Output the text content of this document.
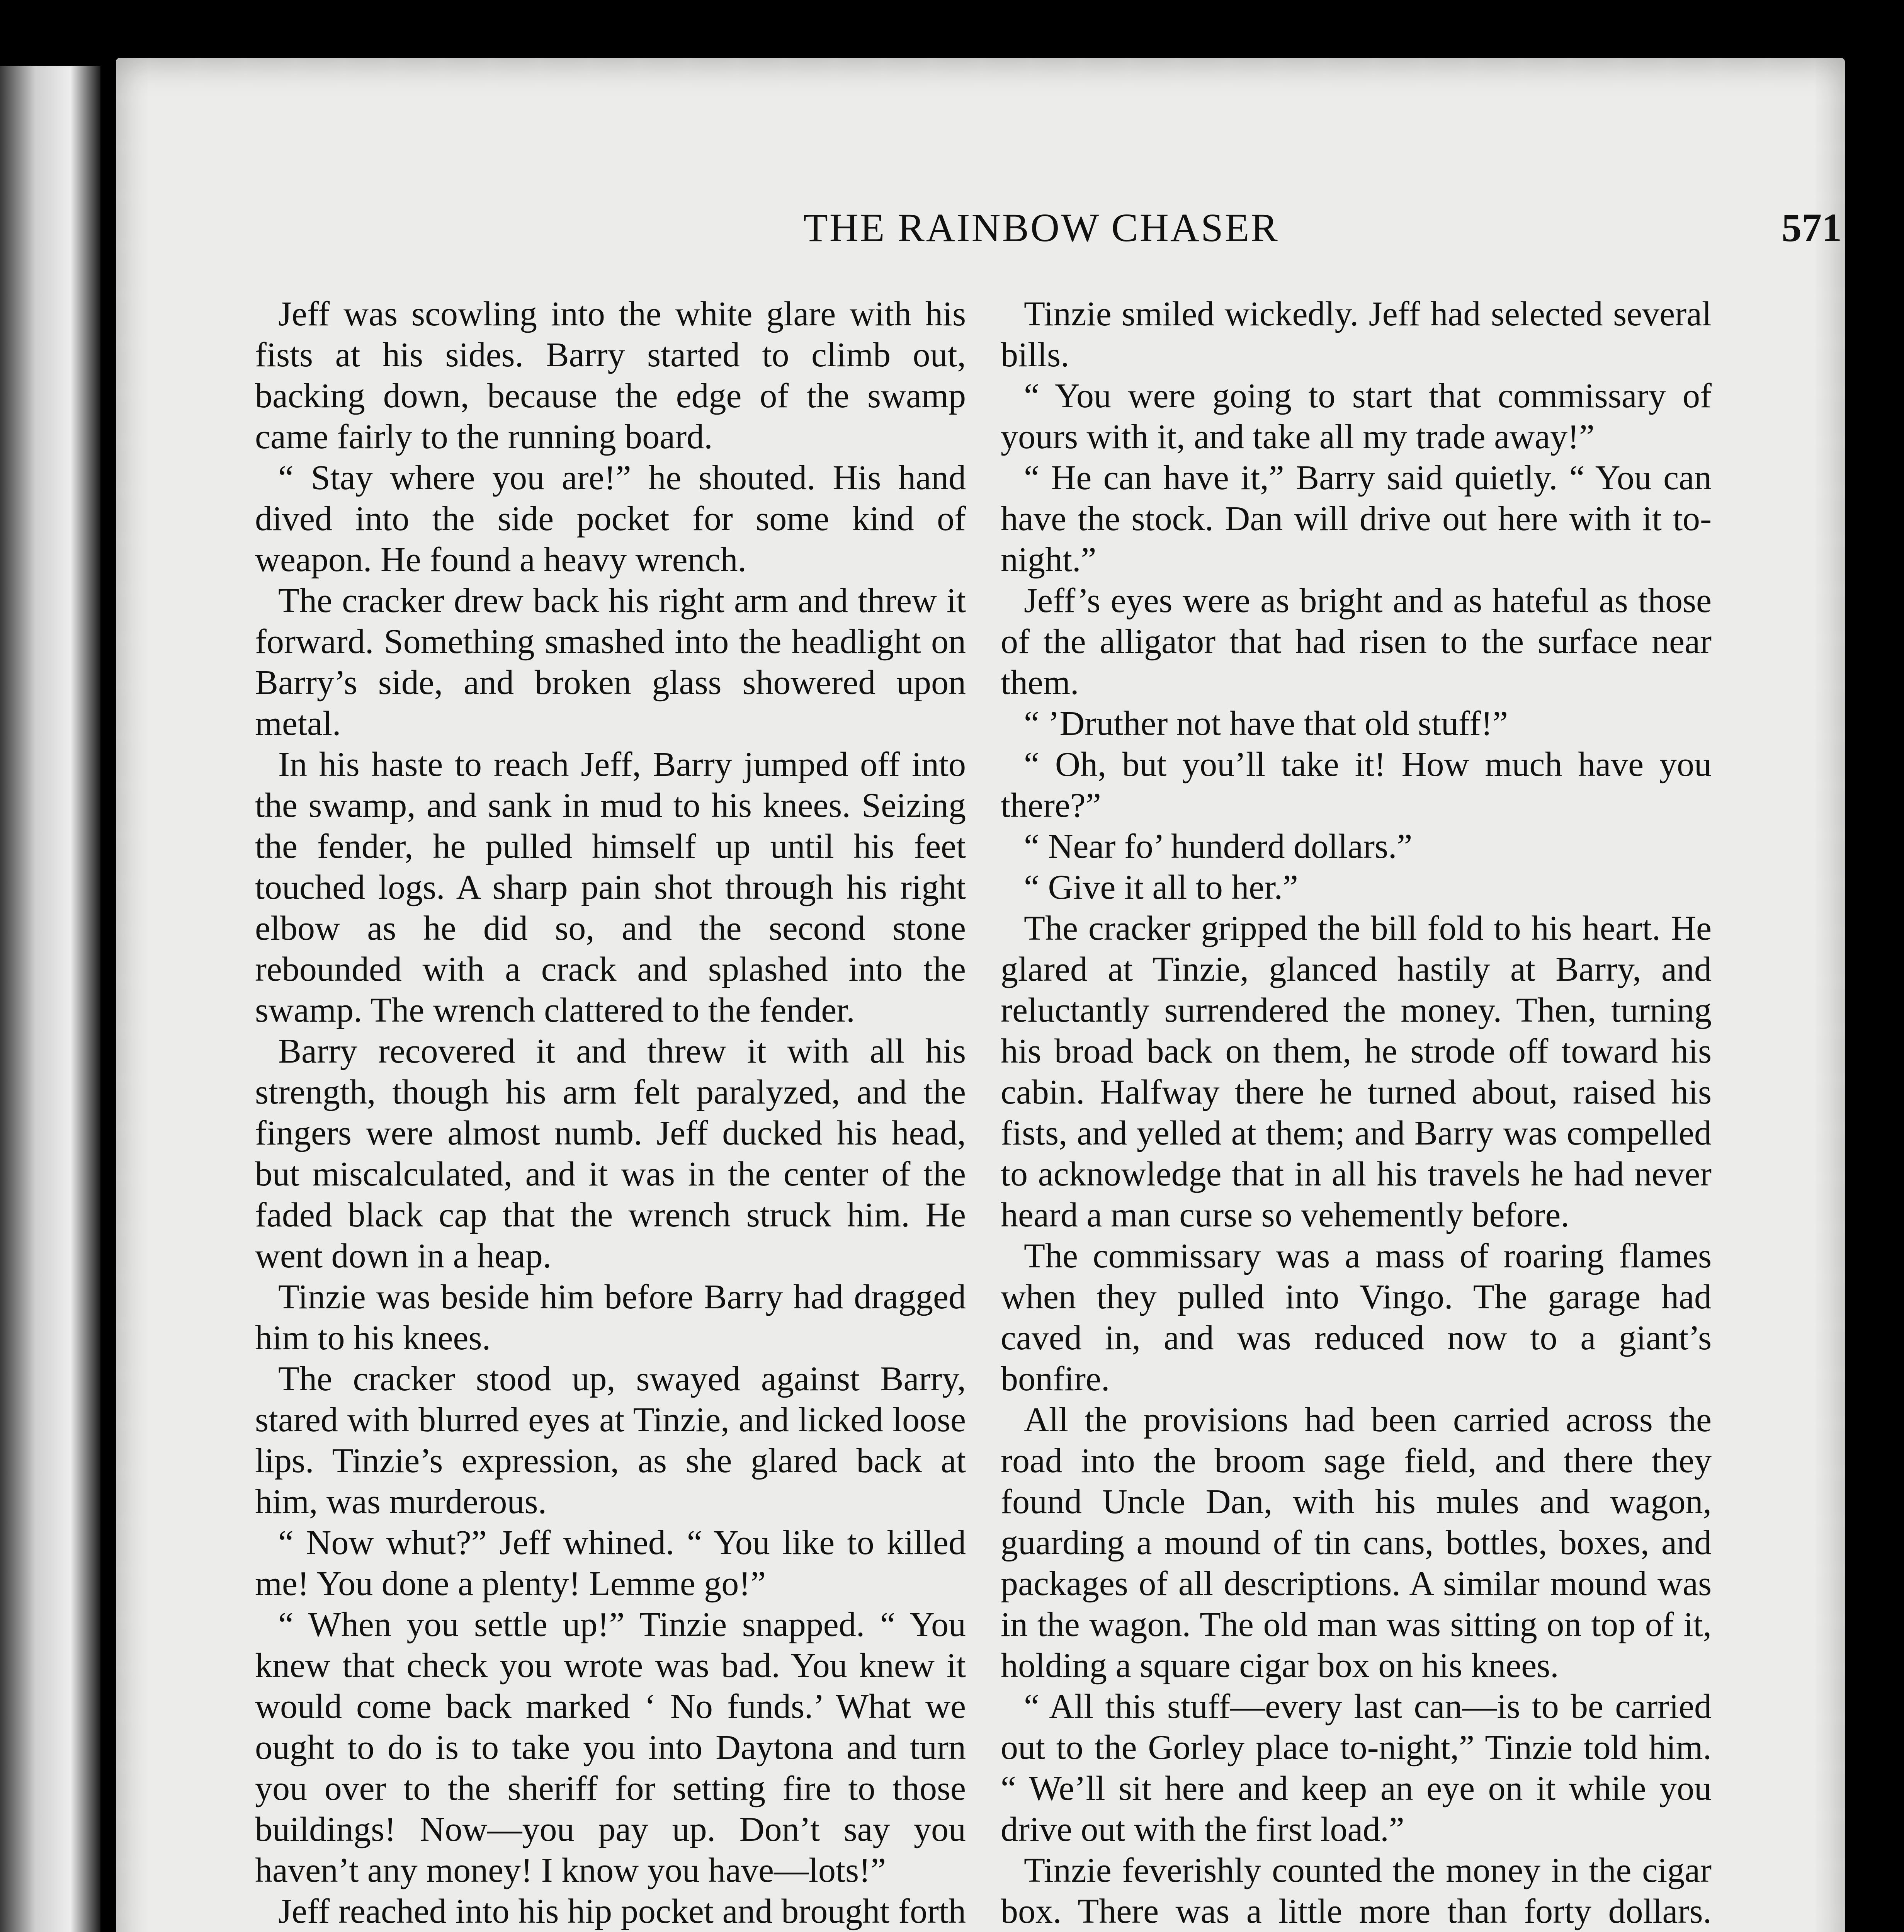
THE RAINBOW CHASER	571

Jeff was scowling into the white glare with his fists at his sides. Barry started to climb out, backing down, because the edge of the swamp came fairly to the running board.

“ Stay where you are!” he shouted. His hand dived into the side pocket for some kind of weapon. He found a heavy wrench.

The cracker drew back his right arm and threw it forward. Something smashed into the headlight on Barry’s side, and broken glass showered upon metal.

In his haste to reach Jeff, Barry jumped off into the swamp, and sank in mud to his knees. Seizing the fender, he pulled himself up until his feet touched logs. A sharp pain shot through his right elbow as he did so, and the second stone rebounded with a crack and splashed into the swamp. The wrench clattered to the fender.

Barry recovered it and threw it with all his strength, though his arm felt paralyzed, and the fingers were almost numb. Jeff ducked his head, but miscalculated, and it was in the center of the faded black cap that the wrench struck him. He went down in a heap.

Tinzie was beside him before Barry had dragged him to his knees.

The cracker stood up, swayed against Barry, stared with blurred eyes at Tinzie, and licked loose lips. Tinzie’s expression, as she glared back at him, was murderous.

“ Now whut?” Jeff whined. “ You like to killed me! You done a plenty! Lemme go!”

“ When you settle up!” Tinzie snapped. “ You knew that check you wrote was bad. You knew it would come back marked ‘ No funds.’ What we ought to do is to take you into Daytona and turn you over to the sheriff for setting fire to those buildings! Now—you pay up. Don’t say you haven’t any money! I know you have—lots!”

Jeff reached into his hip pocket and brought forth

Tinzie smiled wickedly. Jeff had selected several bills.

“ You were going to start that commissary of yours with it, and take all my trade away!”

“ He can have it,” Barry said quietly. “ You can have the stock. Dan will drive out here with it to-night.”

Jeff’s eyes were as bright and as hateful as those of the alligator that had risen to the surface near them.

“ ’Druther not have that old stuff!”

“ Oh, but you’ll take it! How much have you there?”

“ Near fo’ hunderd dollars.”

“ Give it all to her.”

The cracker gripped the bill fold to his heart. He glared at Tinzie, glanced hastily at Barry, and reluctantly surrendered the money. Then, turning his broad back on them, he strode off toward his cabin. Halfway there he turned about, raised his fists, and yelled at them; and Barry was compelled to acknowledge that in all his travels he had never heard a man curse so vehemently before.

The commissary was a mass of roaring flames when they pulled into Vingo. The garage had caved in, and was reduced now to a giant’s bonfire.

All the provisions had been carried across the road into the broom sage field, and there they found Uncle Dan, with his mules and wagon, guarding a mound of tin cans, bottles, boxes, and packages of all descriptions. A similar mound was in the wagon. The old man was sitting on top of it, holding a square cigar box on his knees.

“ All this stuff—every last can—is to be carried out to the Gorley place to-night,” Tinzie told him. “ We’ll sit here and keep an eye on it while you drive out with the first load.”

Tinzie feverishly counted the money in the cigar box. There was a little more than forty dollars.
